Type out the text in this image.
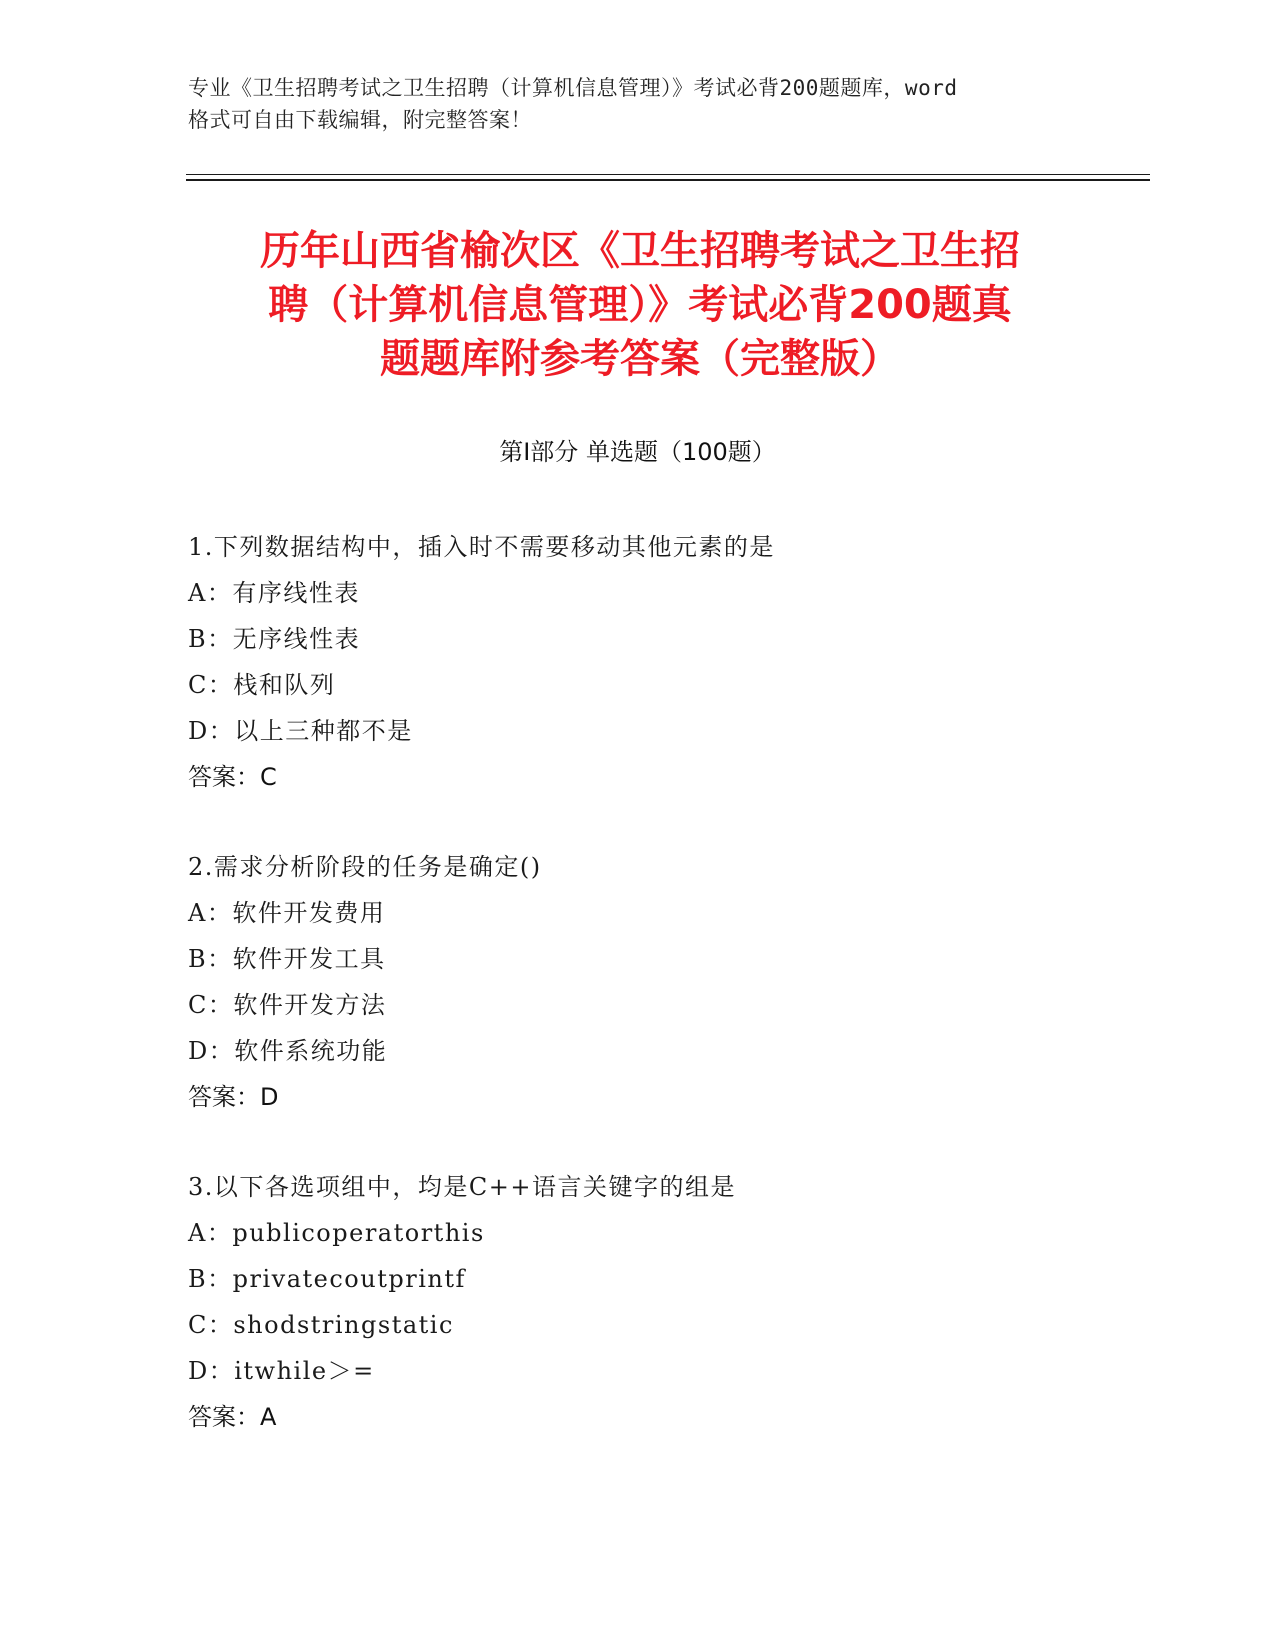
专业《卫生招聘考试之卫生招聘（计算机信息管理）》考试必背200题题库，word
格式可自由下载编辑，附完整答案！
历年山西省榆次区《卫生招聘考试之卫生招
聘（计算机信息管理）》考试必背200题真
题题库附参考答案（完整版）
第Ⅰ部分 单选题（100题）
1.下列数据结构中，插入时不需要移动其他元素的是
A：有序线性表
B：无序线性表
C：栈和队列
D：以上三种都不是
答案：C
2.需求分析阶段的任务是确定()
A：软件开发费用
B：软件开发工具
C：软件开发方法
D：软件系统功能
答案：D
3.以下各选项组中，均是C++语言关键字的组是
A：publicoperatorthis
B：privatecoutprintf
C：shodstringstatic
D：itwhile＞=
答案：A
